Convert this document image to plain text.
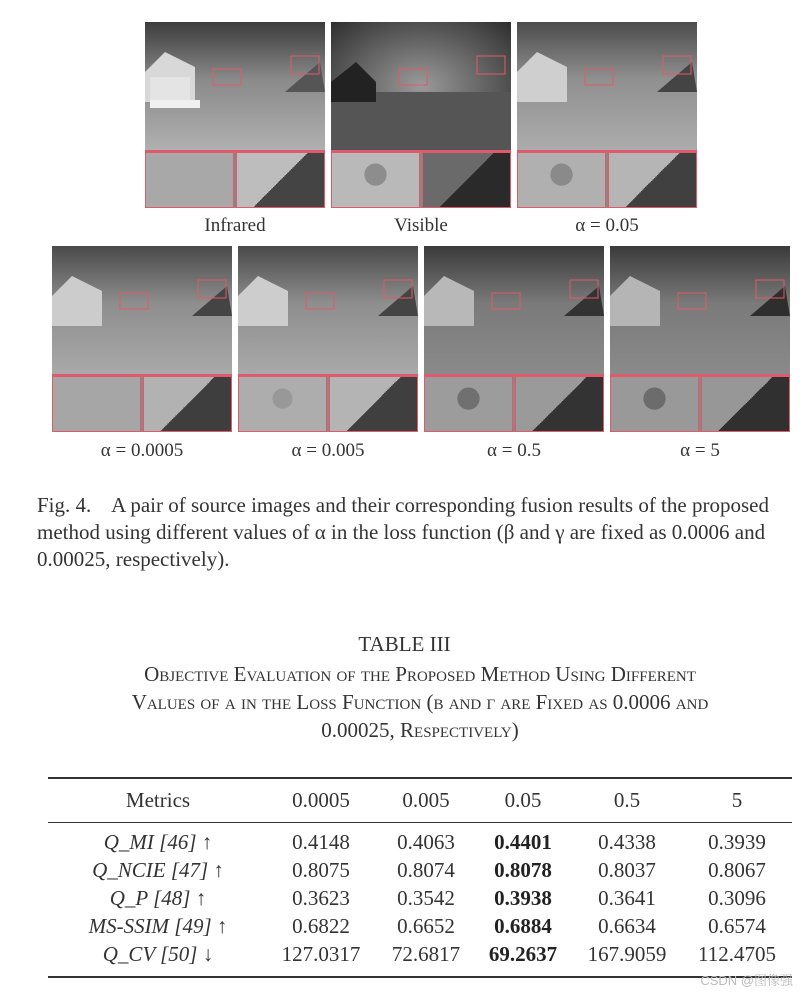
Infrared	Visible	α = 0.05
α = 0.0005	α = 0.005	α = 0.5	α = 5
Fig. 4. A pair of source images and their corresponding fusion results of the proposed method using different values of α in the loss function (β and γ are fixed as 0.0006 and 0.00025, respectively).
TABLE III
Objective Evaluation of the Proposed Method Using Different
Values of α in the Loss Function (β and γ are Fixed as 0.0006 and
0.00025, Respectively)
Metrics	0.0005	0.005	0.05	0.5	5
Q_MI [46] ↑	0.4148	0.4063	0.4401	0.4338	0.3939
Q_NCIE [47] ↑	0.8075	0.8074	0.8078	0.8037	0.8067
Q_P [48] ↑	0.3623	0.3542	0.3938	0.3641	0.3096
MS-SSIM [49] ↑	0.6822	0.6652	0.6884	0.6634	0.6574
Q_CV [50] ↓	127.0317	72.6817	69.2637	167.9059	112.4705
CSDN @图像强
